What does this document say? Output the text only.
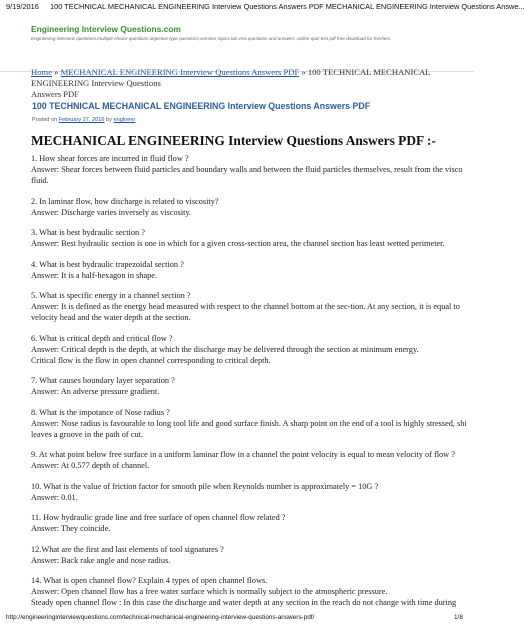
9/19/2016 100 TECHNICAL MECHANICAL ENGINEERING Interview Questions Answers PDF MECHANICAL ENGINEERING Interview Questions Answe...
Engineering Interview Questions.com
Engineering interview questions,multiple choice questions,objective type questions,seminor topics,lab viva questions and answers ,online quiz test pdf free download for freshers.
Home » MECHANICAL ENGINEERING Interview Questions Answers PDF » 100 TECHNICAL MECHANICAL ENGINEERING Interview Questions
Answers PDF
100 TECHNICAL MECHANICAL ENGINEERING Interview Questions Answers PDF
Posted on February 27, 2016 by engineer
MECHANICAL ENGINEERING Interview Questions Answers PDF :-

1. How shear forces are incurred in fluid flow ?
Answer: Shear forces between fluid particles and boundary walls and between the fluid particles themselves, result from the visco
fluid.

2. In laminar flow, how discharge is related to viscosity?
Answer: Discharge varies inversely as viscosity.

3. What is best hydraulic section ?
Answer: Best hydraulic section is one in which for a given cross-section area, the channel section has least wetted perimeter.

4. What is best hydraulic trapezoidal section ?
Answer: It is a half-hexagon in shape.

5. What is specific energy in a channel section ?
Answer: It is defined as the energy head measured with respect to the channel bottom at the sec-tion. At any section, it is equal to
velocity head and the water depth at the section.

6. What is critical depth and critical flow ?
Answer: Critical depth is the depth, at which the discharge may be delivered through the section at minimum energy.
Critical flow is the flow in open channel corresponding to critical depth.

7. What causes boundary layer separation ?
Answer: An adverse pressure gradient.

8. What is the impotance of Nose radius ?
Answer: Nose radius is favourable to long tool life and good surface finish. A sharp point on the end of a tool is highly stressed, shi
leaves a groove in the path of cut.

9. At what point below free surface in a uniform laminar flow in a channel the point velocity is equal to mean velocity of flow ?
Answer: At 0.577 depth of channel.

10. What is the value of friction factor for smooth pile when Reynolds number is approximately = 10G ?
Answer: 0.01.

11. How hydraulic grade line and free surface of open channel flow related ?
Answer: They coincide.

12.What are the first and last elements of tool signatures ?
Answer: Back rake angle and nose radius.

14. What is open channel flow? Explain 4 types of open channel flows.
Answer: Open channel flow has a free water surface which is normally subject to the atmospheric pressure.
Steady open channel flow : In this case the discharge and water depth at any section in the reach do not change with time during

http://engineeringinterviewquestions.com/technical-mechanical-engineering-interview-questions-answers-pdf/	1/8
